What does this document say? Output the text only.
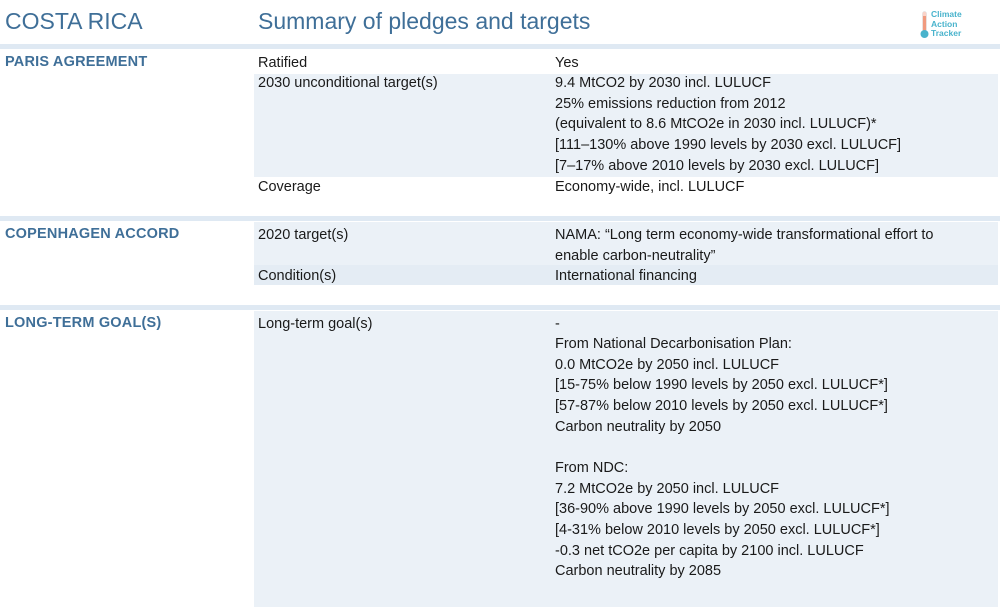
COSTA RICA	Summary of pledges and targets	Climate
Action
Tracker
PARIS AGREEMENT	Ratified	Yes
2030 unconditional target(s)	9.4 MtCO2 by 2030 incl. LULUCF
25% emissions reduction from 2012
(equivalent to 8.6 MtCO2e in 2030 incl. LULUCF)*
[111–130% above 1990 levels by 2030 excl. LULUCF]
[7–17% above 2010 levels by 2030 excl. LULUCF]
Coverage	Economy-wide, incl. LULUCF
COPENHAGEN ACCORD	2020 target(s)	NAMA: “Long term economy-wide transformational effort to
enable carbon-neutrality”
Condition(s)	International financing
LONG-TERM GOAL(S)	Long-term goal(s)	-
From National Decarbonisation Plan:
0.0 MtCO2e by 2050 incl. LULUCF
[15-75% below 1990 levels by 2050 excl. LULUCF*]
[57-87% below 2010 levels by 2050 excl. LULUCF*]
Carbon neutrality by 2050
From NDC:
7.2 MtCO2e by 2050 incl. LULUCF
[36-90% above 1990 levels by 2050 excl. LULUCF*]
[4-31% below 2010 levels by 2050 excl. LULUCF*]
-0.3 net tCO2e per capita by 2100 incl. LULUCF
Carbon neutrality by 2085
